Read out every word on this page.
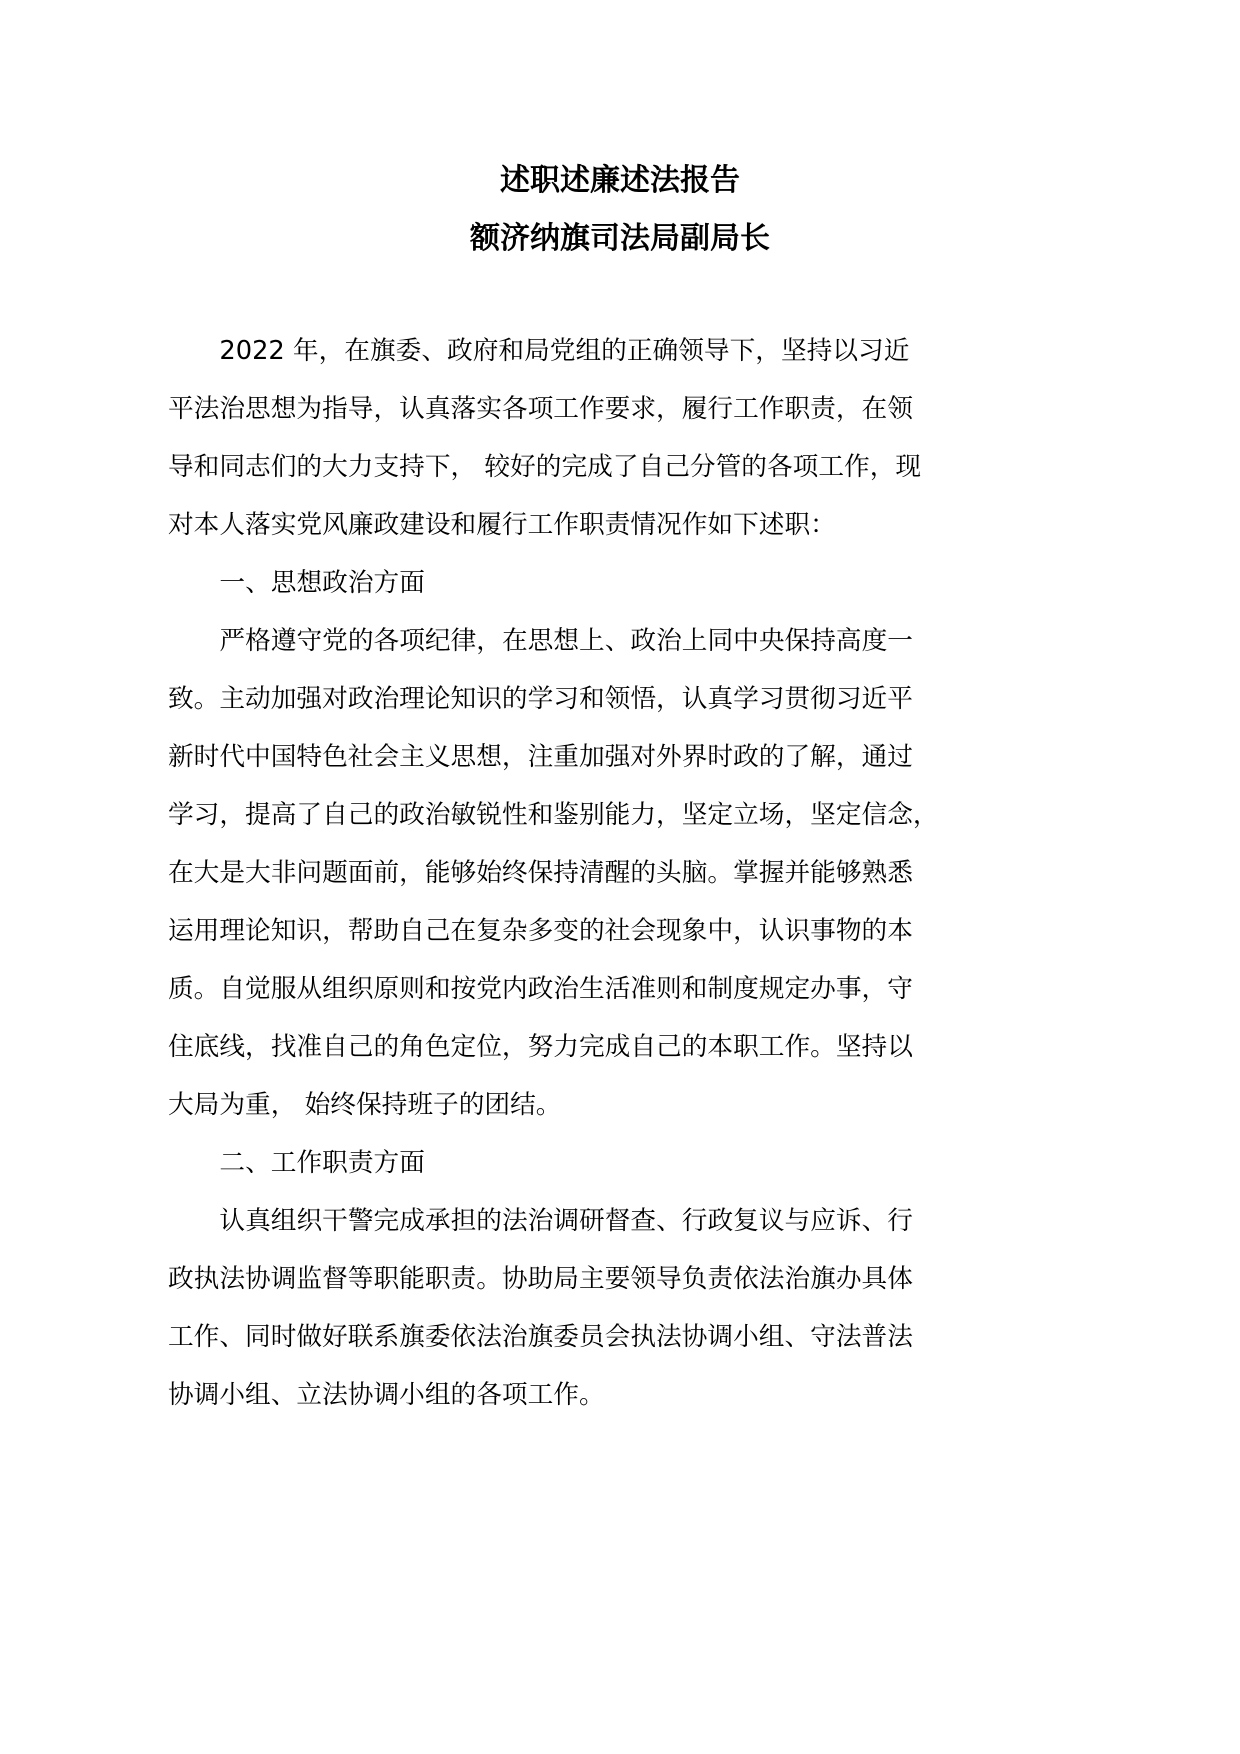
述职述廉述法报告
额济纳旗司法局副局长
2022 年，在旗委、政府和局党组的正确领导下，坚持以习近
平法治思想为指导，认真落实各项工作要求，履行工作职责，在领
导和同志们的大力支持下， 较好的完成了自己分管的各项工作，现
对本人落实党风廉政建设和履行工作职责情况作如下述职：
一、思想政治方面
严格遵守党的各项纪律，在思想上、政治上同中央保持高度一
致。主动加强对政治理论知识的学习和领悟，认真学习贯彻习近平
新时代中国特色社会主义思想，注重加强对外界时政的了解，通过
学习，提高了自己的政治敏锐性和鉴别能力，坚定立场，坚定信念，
在大是大非问题面前，能够始终保持清醒的头脑。掌握并能够熟悉
运用理论知识，帮助自己在复杂多变的社会现象中，认识事物的本
质。自觉服从组织原则和按党内政治生活准则和制度规定办事，守
住底线，找准自己的角色定位，努力完成自己的本职工作。坚持以
大局为重， 始终保持班子的团结。
二、工作职责方面
认真组织干警完成承担的法治调研督查、行政复议与应诉、行
政执法协调监督等职能职责。协助局主要领导负责依法治旗办具体
工作、同时做好联系旗委依法治旗委员会执法协调小组、守法普法
协调小组、立法协调小组的各项工作。
